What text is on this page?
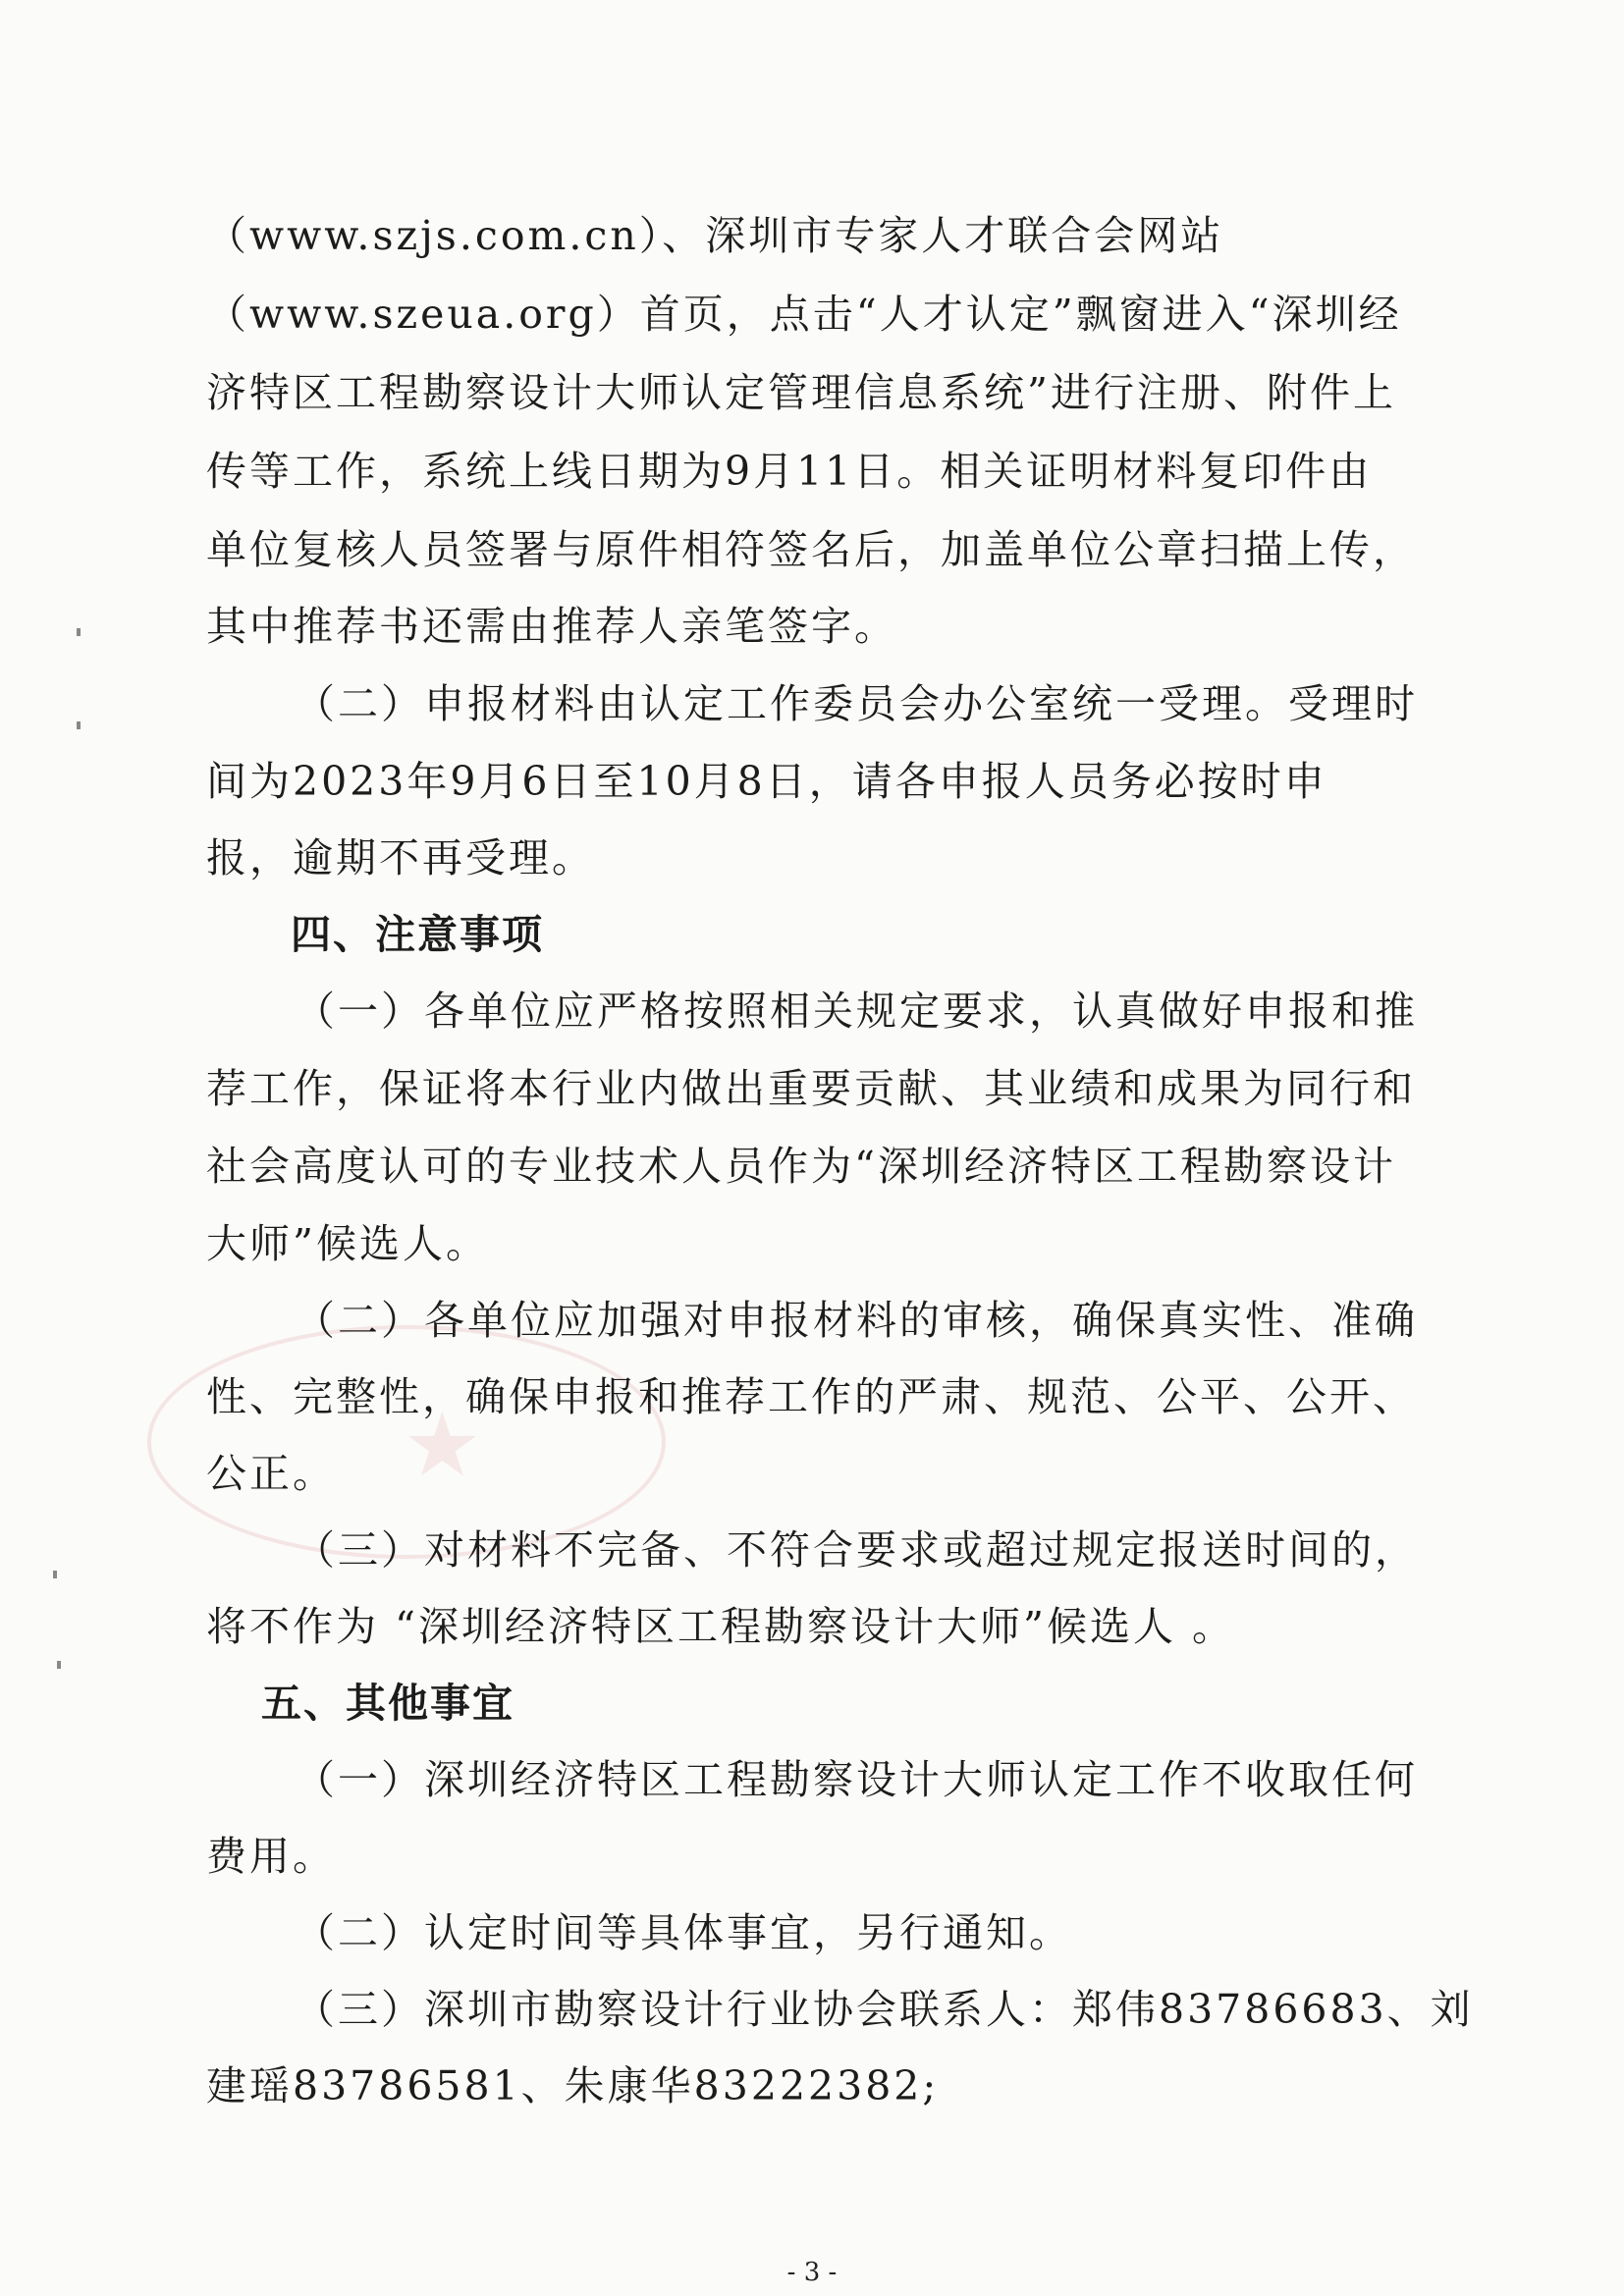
★
（www.szjs.com.cn）、深圳市专家人才联合会网站
（www.szeua.org）首页，点击“人才认定”飘窗进入“深圳经
济特区工程勘察设计大师认定管理信息系统”进行注册、附件上
传等工作，系统上线日期为9月11日。相关证明材料复印件由
单位复核人员签署与原件相符签名后，加盖单位公章扫描上传，
其中推荐书还需由推荐人亲笔签字。
（二）申报材料由认定工作委员会办公室统一受理。受理时
间为2023年9月6日至10月8日，请各申报人员务必按时申
报，逾期不再受理。
四、注意事项
（一）各单位应严格按照相关规定要求，认真做好申报和推
荐工作，保证将本行业内做出重要贡献、其业绩和成果为同行和
社会高度认可的专业技术人员作为“深圳经济特区工程勘察设计
大师”候选人。
（二）各单位应加强对申报材料的审核，确保真实性、准确
性、完整性，确保申报和推荐工作的严肃、规范、公平、公开、
公正。
（三）对材料不完备、不符合要求或超过规定报送时间的，
将不作为 “深圳经济特区工程勘察设计大师”候选人 。
五、其他事宜
（一）深圳经济特区工程勘察设计大师认定工作不收取任何
费用。
（二）认定时间等具体事宜，另行通知。
（三）深圳市勘察设计行业协会联系人：郑伟83786683、刘
建瑶83786581、朱康华83222382;
- 3 -
